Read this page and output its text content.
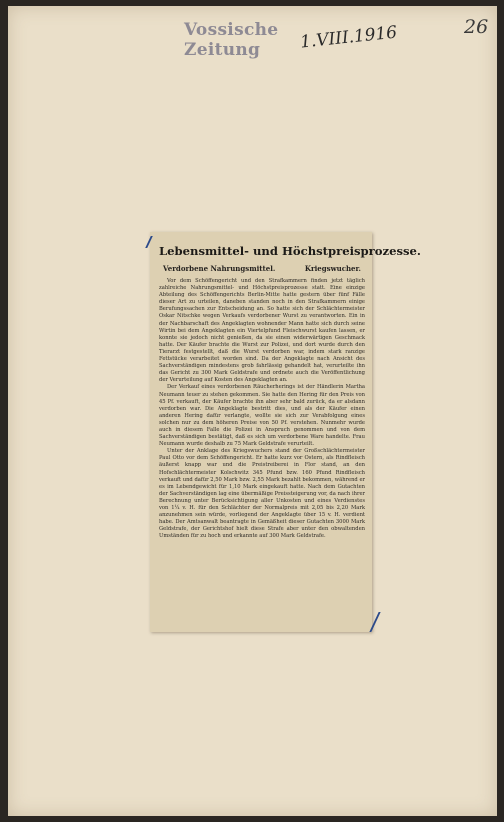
Vossische Zeitung	1.VIII.1916	26
Lebensmittel- und Höchstpreisprozesse.
Verdorbene Nahrungsmittel.	Kriegswucher.

Vor dem Schöffengericht und den Strafkammern finden jetzt täglich zahlreiche Nahrungsmittel- und Höchstpreisprozesse statt. Eine einzige Abteilung des Schöffengerichts Berlin-Mitte hatte gestern über fünf Fälle dieser Art zu urteilen, daneben standen noch in den Strafkammern einige Berufungssachen zur Entscheidung an. So hatte sich der Schlächtermeister Oskar Nitschke wegen Verkaufs verdorbener Wurst zu verantworten. Ein in der Nachbarschaft des Angeklagten wohnender Mann hatte sich durch seine Wirtin bei dem Angeklagten ein Viertelpfund Fleischwurst kaufen lassen, er konnte sie jedoch nicht genießen, da sie einen widerwärtigen Geschmack hatte. Der Käufer brachte die Wurst zur Polizei, und dort wurde durch den Tierarzt festgestellt, daß die Wurst verdorben war, indem stark ranzige Fettstücke verarbeitet worden sind. Da der Angeklagte nach Ansicht des Sachverständigen mindestens grob fahrlässig gehandelt hat, verurteilte ihn das Gericht zu 300 Mark Geldstrafe und ordnete auch die Veröffentlichung der Verurteilung auf Kosten des Angeklagten an.

Der Verkauf eines verdorbenen Räucherherings ist der Händlerin Martha Neumann teuer zu stehen gekommen. Sie hatte den Hering für den Preis von 45 Pf. verkauft, der Käufer brachte ihn aber sehr bald zurück, da er alsdann verdorben war. Die Angeklagte bestritt dies, und als der Käufer einen anderen Hering dafür verlangte, wollte sie sich zur Verabfolgung eines solchen nur zu dem höheren Preise von 50 Pf. verstehen. Nunmehr wurde auch in diesem Falle die Polizei in Anspruch genommen und von dem Sachverständigen bestätigt, daß es sich um verdorbene Ware handelte. Frau Neumann wurde deshalb zu 75 Mark Geldstrafe verurteilt.

Unter der Anklage des Kriegswuchers stand der Großschlächtermeister Paul Otto vor dem Schöffengericht. Er hatte kurz vor Ostern, als Rindfleisch äußerst knapp war und die Preistreiberei in Flor stand, an den Hofschlächtermeister Kolschwitz 345 Pfund bzw. 160 Pfund Rindfleisch verkauft und dafür 2,50 Mark bzw. 2,55 Mark bezahlt bekommen, während er es im Lebendgewicht für 1,10 Mark eingekauft hatte. Nach dem Gutachten der Sachverständigen lag eine übermäßige Preissteigerung vor, da nach ihrer Berechnung unter Berücksichtigung aller Unkosten und eines Verdienstes von 1¼ v. H. für den Schlächter der Normalpreis mit 2,05 bis 2,20 Mark anzunehmen sein würde, vorliegend der Angeklagte über 15 v. H. verdient habe. Der Amtsanwalt beantragte in Gemäßheit dieser Gutachten 3000 Mark Geldstrafe, der Gerichtshof hielt diese Strafe aber unter den obwaltenden Umständen für zu hoch und erkannte auf 300 Mark Geldstrafe.
